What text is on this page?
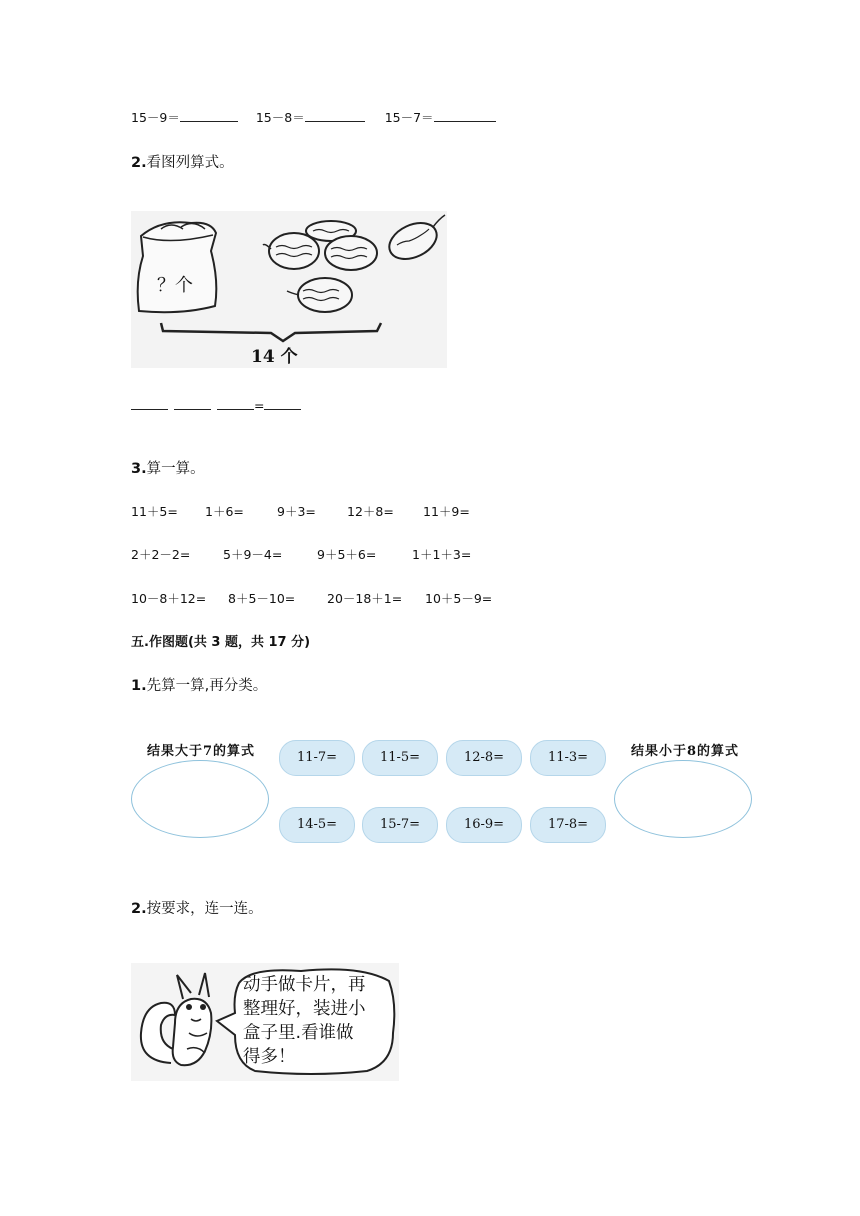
15－9＝	15－8＝	15－7＝
2.看图列算式。
？个
14 个
=
3.算一算。
11＋5= 1＋6=	9＋3= 12＋8= 11＋9=
2＋2－2=	5＋9－4=	9＋5＋6=	1＋1＋3=
10－8＋12= 8＋5－10=	20－18＋1= 10＋5－9=
五.作图题(共 3 题，共 17 分)
1.先算一算,再分类。
结果大于7的算式	结果小于8的算式
11-7=	11-5=	12-8=	11-3=
14-5=	15-7=	16-9=	17-8=
2.按要求，连一连。
动手做卡片，再
整理好，装进小
盒子里.看谁做
得多！
